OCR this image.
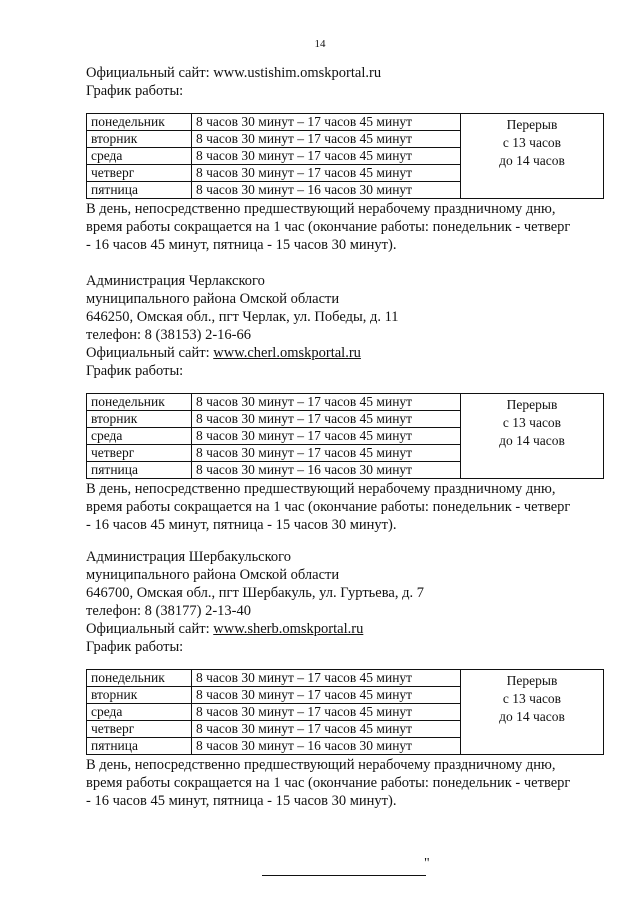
14
Официальный сайт: www.ustishim.omskportal.ru
График работы:
понедельник	8 часов 30 минут – 17 часов 45 минут	Перерыв
с 13 часов
до 14 часов

вторник	8 часов 30 минут – 17 часов 45 минут	
среда	8 часов 30 минут – 17 часов 45 минут	
четверг	8 часов 30 минут – 17 часов 45 минут	
пятница	8 часов 30 минут – 16 часов 30 минут	
В день, непосредственно предшествующий нерабочему праздничному дню,
время работы сокращается на 1 час (окончание работы: понедельник - четверг
- 16 часов 45 минут, пятница - 15 часов 30 минут).
Администрация Черлакского
муниципального района Омской области
646250, Омская обл., пгт Черлак, ул. Победы, д. 11
телефон: 8 (38153) 2-16-66
Официальный сайт: www.cherl.omskportal.ru
График работы:
понедельник	8 часов 30 минут – 17 часов 45 минут	Перерыв
с 13 часов
до 14 часов

вторник	8 часов 30 минут – 17 часов 45 минут	
среда	8 часов 30 минут – 17 часов 45 минут	
четверг	8 часов 30 минут – 17 часов 45 минут	
пятница	8 часов 30 минут – 16 часов 30 минут	
В день, непосредственно предшествующий нерабочему праздничному дню,
время работы сокращается на 1 час (окончание работы: понедельник - четверг
- 16 часов 45 минут, пятница - 15 часов 30 минут).
Администрация Шербакульского
муниципального района Омской области
646700, Омская обл., пгт Шербакуль, ул. Гуртьева, д. 7
телефон: 8 (38177) 2-13-40
Официальный сайт: www.sherb.omskportal.ru
График работы:
понедельник	8 часов 30 минут – 17 часов 45 минут	Перерыв
с 13 часов
до 14 часов

вторник	8 часов 30 минут – 17 часов 45 минут	
среда	8 часов 30 минут – 17 часов 45 минут	
четверг	8 часов 30 минут – 17 часов 45 минут	
пятница	8 часов 30 минут – 16 часов 30 минут	
В день, непосредственно предшествующий нерабочему праздничному дню,
время работы сокращается на 1 час (окончание работы: понедельник - четверг
- 16 часов 45 минут, пятница - 15 часов 30 минут).
"
